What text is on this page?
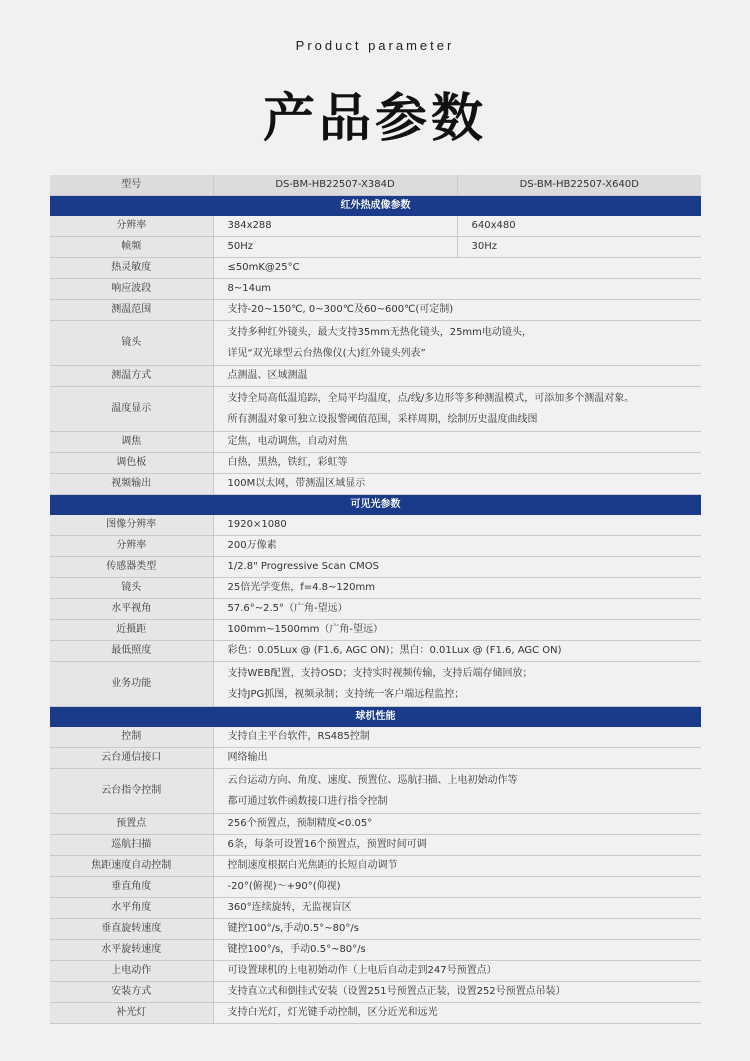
Product parameter
产品参数
型号	DS-BM-HB22507-X384D	DS-BM-HB22507-X640D
红外热成像参数		
分辨率	384x288	640x480
帧频	50Hz	30Hz
热灵敏度	≤50mK@25°C	
响应波段	8~14um	
测温范围	支持-20~150℃, 0~300℃及60~600℃(可定制)	
镜头	支持多种红外镜头，最大支持35mm无热化镜头，25mm电动镜头，
详见“双光球型云台热像仪(大)红外镜头列表”	

测温方式	点测温、区域测温	
温度显示	支持全局高低温追踪，全局平均温度，点/线/多边形等多种测温模式，可添加多个测温对象。
所有测温对象可独立设报警阈值范围，采样周期，绘制历史温度曲线图	

调焦	定焦，电动调焦，自动对焦	
调色板	白热，黑热，铁红，彩虹等	
视频输出	100M以太网，带测温区域显示	
可见光参数		
图像分辨率	1920×1080	
分辨率	200万像素	
传感器类型	1/2.8" Progressive Scan CMOS	
镜头	25倍光学变焦，f=4.8~120mm	
水平视角	57.6°~2.5°（广角-望远）	
近摄距	100mm~1500mm（广角-望远）	
最低照度	彩色：0.05Lux @ (F1.6, AGC ON)；黑白：0.01Lux @ (F1.6, AGC ON)	
业务功能	支持WEB配置，支持OSD；支持实时视频传输，支持后端存储回放；
支持JPG抓图，视频录制；支持统一客户端远程监控；	

球机性能		
控制	支持自主平台软件，RS485控制	
云台通信接口	网络输出	
云台指令控制	云台运动方向、角度、速度、预置位、巡航扫描、上电初始动作等
都可通过软件函数接口进行指令控制	

预置点	256个预置点，预制精度<0.05°	
巡航扫描	6条，每条可设置16个预置点，预置时间可调	
焦距速度自动控制	控制速度根据白光焦距的长短自动调节	
垂直角度	-20°(俯视)～+90°(仰视)	
水平角度	360°连续旋转，无监视盲区	
垂直旋转速度	键控100°/s,手动0.5°~80°/s	
水平旋转速度	键控100°/s，手动0.5°~80°/s	
上电动作	可设置球机的上电初始动作（上电后自动走到247号预置点）	
安装方式	支持直立式和倒挂式安装（设置251号预置点正装，设置252号预置点吊装）	
补光灯	支持白光灯，灯光键手动控制，区分近光和远光	
